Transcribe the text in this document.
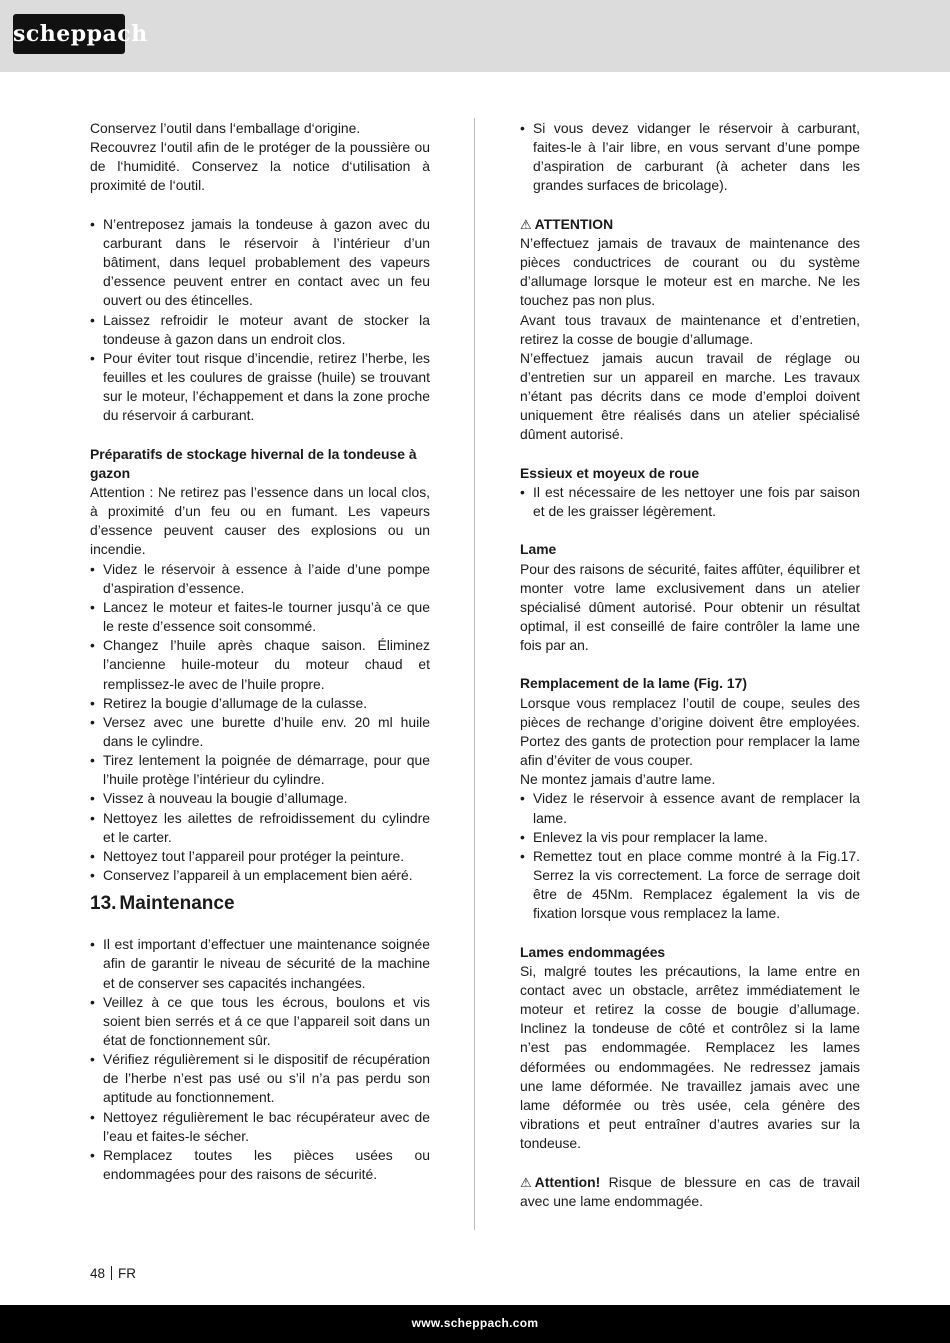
scheppach

Conservez l’outil dans l‘emballage d‘origine.

Recouvrez l‘outil afin de le protéger de la poussière ou de l‘humidité. Conservez la notice d‘utilisation à proximité de l‘outil.

• N’entreposez jamais la tondeuse à gazon avec du carburant dans le réservoir à l’intérieur d’un bâtiment, dans lequel probablement des vapeurs d’essence peuvent entrer en contact avec un feu ouvert ou des étincelles.
• Laissez refroidir le moteur avant de stocker la tondeuse à gazon dans un endroit clos.
• Pour éviter tout risque d’incendie, retirez l’herbe, les feuilles et les coulures de graisse (huile) se trouvant sur le moteur, l’échappement et dans la zone proche du réservoir á carburant.
Préparatifs de stockage hivernal de la tondeuse à gazon

Attention : Ne retirez pas l’essence dans un local clos, à proximité d’un feu ou en fumant. Les vapeurs d’essence peuvent causer des explosions ou un incendie.

• Videz le réservoir à essence à l’aide d’une pompe d’aspiration d’essence.
• Lancez le moteur et faites-le tourner jusqu’à ce que le reste d’essence soit consommé.
• Changez l’huile après chaque saison. Éliminez l’ancienne huile-moteur du moteur chaud et remplissez-le avec de l’huile propre.
• Retirez la bougie d’allumage de la culasse.
• Versez avec une burette d’huile env. 20 ml huile dans le cylindre.
• Tirez lentement la poignée de démarrage, pour que l’huile protège l’intérieur du cylindre.
• Vissez à nouveau la bougie d’allumage.
• Nettoyez les ailettes de refroidissement du cylindre et le carter.
• Nettoyez tout l’appareil pour protéger la peinture.
• Conservez l’appareil à un emplacement bien aéré.
13. Maintenance
• Il est important d’effectuer une maintenance soignée afin de garantir le niveau de sécurité de la machine et de conserver ses capacités inchangées.
• Veillez à ce que tous les écrous, boulons et vis soient bien serrés et á ce que l’appareil soit dans un état de fonctionnement sûr.
• Vérifiez régulièrement si le dispositif de récupération de l’herbe n’est pas usé ou s’il n’a pas perdu son aptitude au fonctionnement.
• Nettoyez régulièrement le bac récupérateur avec de l’eau et faites-le sécher.
• Remplacez toutes les pièces usées ou endommagées pour des raisons de sécurité.
• Si vous devez vidanger le réservoir à carburant, faites-le à l’air libre, en vous servant d’une pompe d’aspiration de carburant (à acheter dans les grandes surfaces de bricolage).
⚠ ATTENTION

N’effectuez jamais de travaux de maintenance des pièces conductrices de courant ou du système d’allumage lorsque le moteur est en marche. Ne les touchez pas non plus.

Avant tous travaux de maintenance et d’entretien, retirez la cosse de bougie d’allumage.

N’effectuez jamais aucun travail de réglage ou d’entretien sur un appareil en marche. Les travaux n’étant pas décrits dans ce mode d’emploi doivent uniquement être réalisés dans un atelier spécialisé dûment autorisé.

Essieux et moyeux de roue
• Il est nécessaire de les nettoyer une fois par saison et de les graisser légèrement.
Lame

Pour des raisons de sécurité, faites affûter, équilibrer et monter votre lame exclusivement dans un atelier spécialisé dûment autorisé. Pour obtenir un résultat optimal, il est conseillé de faire contrôler la lame une fois par an.

Remplacement de la lame (Fig. 17)

Lorsque vous remplacez l’outil de coupe, seules des pièces de rechange d’origine doivent être employées. Portez des gants de protection pour remplacer la lame afin d’éviter de vous couper.

Ne montez jamais d’autre lame.

• Videz le réservoir à essence avant de remplacer la lame.
• Enlevez la vis pour remplacer la lame.
• Remettez tout en place comme montré à la Fig.17. Serrez la vis correctement. La force de serrage doit être de 45Nm. Remplacez également la vis de fixation lorsque vous remplacez la lame.
Lames endommagées

Si, malgré toutes les précautions, la lame entre en contact avec un obstacle, arrêtez immédiatement le moteur et retirez la cosse de bougie d’allumage. Inclinez la tondeuse de côté et contrôlez si la lame n’est pas endommagée. Remplacez les lames déformées ou endommagées. Ne redressez jamais une lame déformée. Ne travaillez jamais avec une lame déformée ou très usée, cela génère des vibrations et peut entraîner d’autres avaries sur la tondeuse.

⚠ Attention! Risque de blessure en cas de travail avec une lame endommagée.

48 FR
www.scheppach.com
